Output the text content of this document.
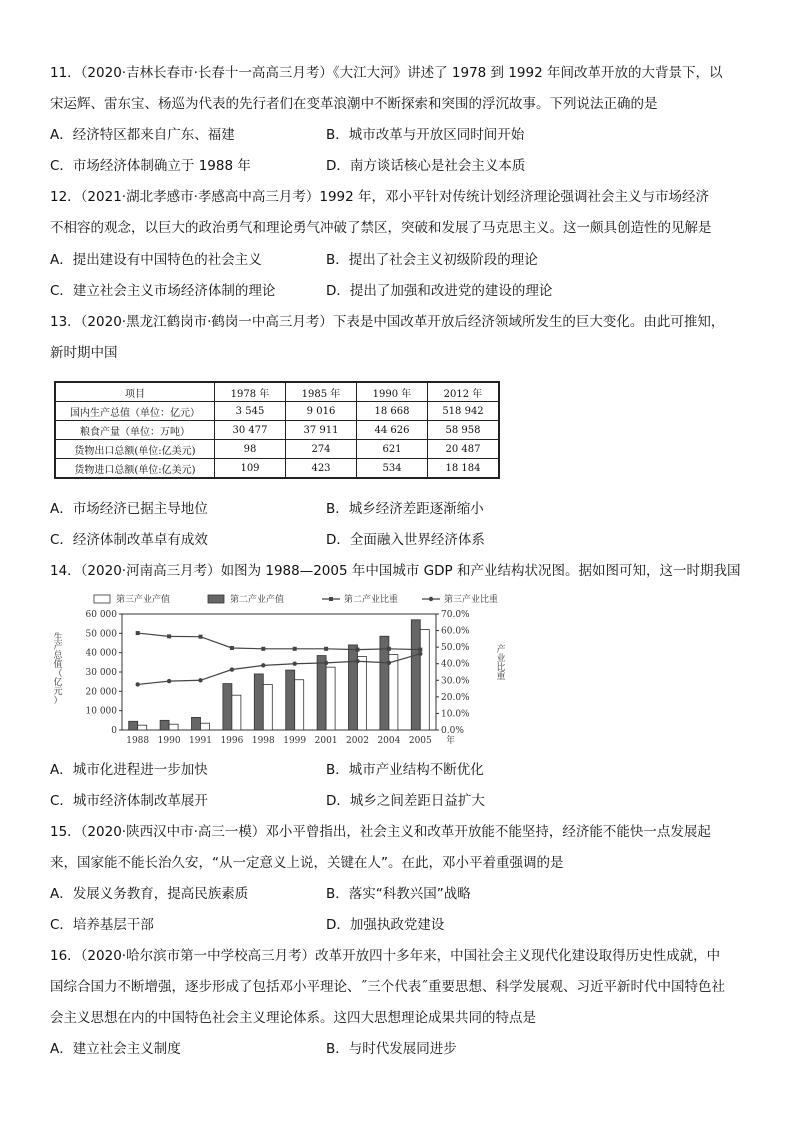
11．（2020·吉林长春市·长春十一高高三月考）《大江大河》讲述了 1978 到 1992 年间改革开放的大背景下，以
宋运辉、雷东宝、杨巡为代表的先行者们在变革浪潮中不断探索和突围的浮沉故事。下列说法正确的是
A．经济特区都来自广东、福建	B．城市改革与开放区同时间开始
C．市场经济体制确立于 1988 年	D．南方谈话核心是社会主义本质
12．（2021·湖北孝感市·孝感高中高三月考）1992 年，邓小平针对传统计划经济理论强调社会主义与市场经济
不相容的观念，以巨大的政治勇气和理论勇气冲破了禁区，突破和发展了马克思主义。这一颇具创造性的见解是
A．提出建设有中国特色的社会主义	B．提出了社会主义初级阶段的理论
C．建立社会主义市场经济体制的理论	D．提出了加强和改进党的建设的理论
13．（2020·黑龙江鹤岗市·鹤岗一中高三月考）下表是中国改革开放后经济领域所发生的巨大变化。由此可推知，
新时期中国
项目	1978 年	1985 年	1990 年	2012 年
国内生产总值（单位：亿元）	3 545	9 016	18 668	518 942
粮食产量（单位：万吨）	30 477	37 911	44 626	58 958
货物出口总额(单位:亿美元)	98	274	621	20 487
货物进口总额(单位:亿美元)	109	423	534	18 184
A．市场经济已据主导地位	B．城乡经济差距逐渐缩小
C．经济体制改革卓有成效	D．全面融入世界经济体系
14．（2020·河南高三月考）如图为 1988—2005 年中国城市 GDP 和产业结构状况图。据如图可知，这一时期我国
0
10 000
20 000
30 000
40 000
50 000
60 000
0.0%
10.0%
20.0%
30.0%
40.0%
50.0%
60.0%
70.0%
生产总值（亿元）
产业比重
1988 1990 1991 1996 1998 1999 2001 2002 2004 2005 年
第三产业产值	第二产业产值	第二产业比重	第三产业比重
A．城市化进程进一步加快	B．城市产业结构不断优化
C．城市经济体制改革展开	D．城乡之间差距日益扩大
15．（2020·陕西汉中市·高三一模）邓小平曾指出，社会主义和改革开放能不能坚持，经济能不能快一点发展起
来，国家能不能长治久安，“从一定意义上说，关键在人”。在此，邓小平着重强调的是
A．发展义务教育，提高民族素质	B．落实“科教兴国”战略
C．培养基层干部	D．加强执政党建设
16．（2020·哈尔滨市第一中学校高三月考）改革开放四十多年来，中国社会主义现代化建设取得历史性成就，中
国综合国力不断增强，逐步形成了包括邓小平理论、˝三个代表˝重要思想、科学发展观、习近平新时代中国特色社
会主义思想在内的中国特色社会主义理论体系。这四大思想理论成果共同的特点是
A．建立社会主义制度	B．与时代发展同进步
